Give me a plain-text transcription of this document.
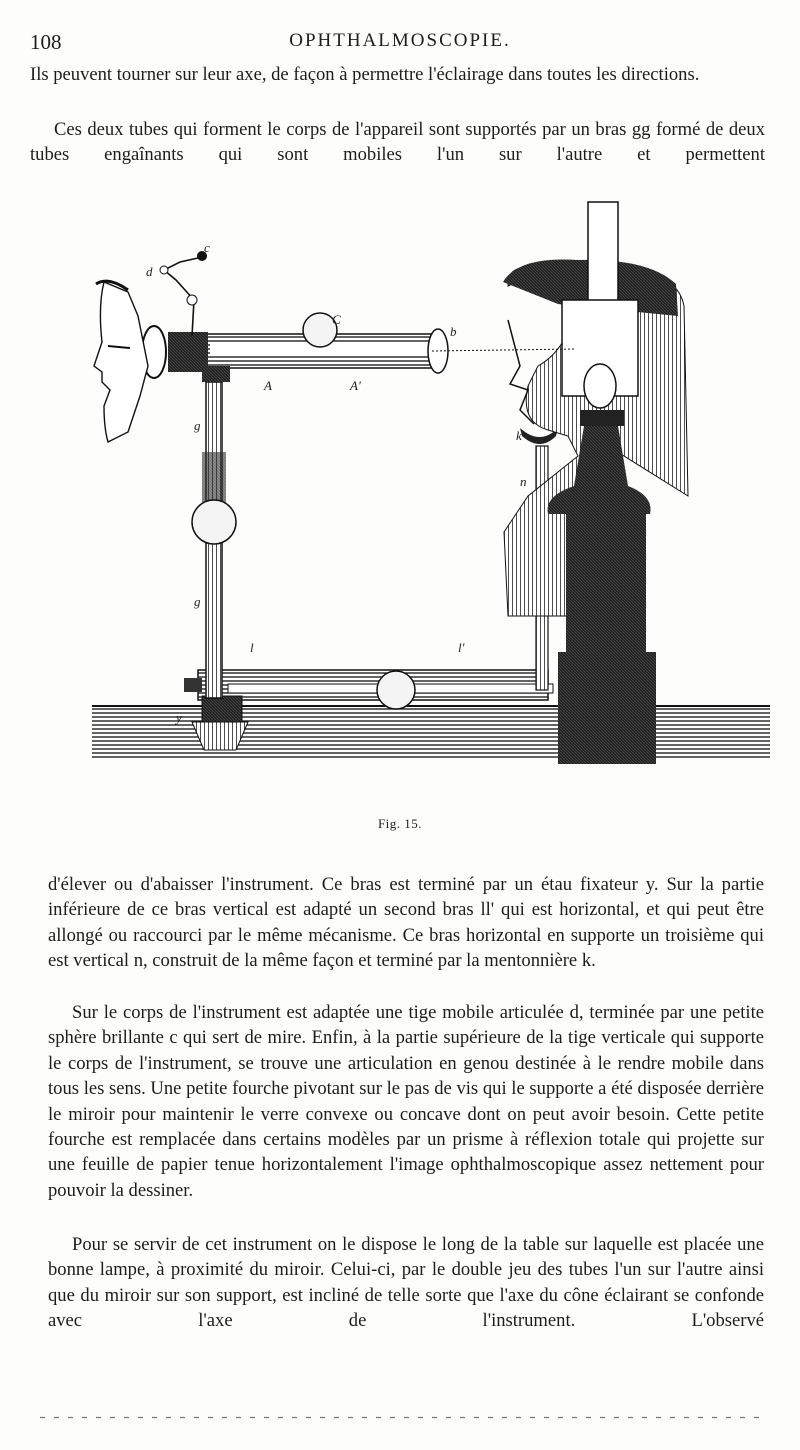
108	OPHTHALMOSCOPIE.

Ils peuvent tourner sur leur axe, de façon à permettre l'éclairage dans toutes les directions.

Ces deux tubes qui forment le corps de l'appareil sont supportés par un bras gg formé de deux tubes engaînants qui sont mobiles l'un sur l'autre et permettent

c
d
C
b
A	A'
g
g
y
l	l'
k
n
Fig. 15.

d'élever ou d'abaisser l'instrument. Ce bras est terminé par un étau fixateur y. Sur la partie inférieure de ce bras vertical est adapté un second bras ll' qui est horizontal, et qui peut être allongé ou raccourci par le même mécanisme. Ce bras horizontal en supporte un troisième qui est vertical n, construit de la même façon et terminé par la mentonnière k.

Sur le corps de l'instrument est adaptée une tige mobile articulée d, terminée par une petite sphère brillante c qui sert de mire. Enfin, à la partie supérieure de la tige verticale qui supporte le corps de l'instrument, se trouve une articulation en genou destinée à le rendre mobile dans tous les sens. Une petite fourche pivotant sur le pas de vis qui le supporte a été disposée derrière le miroir pour maintenir le verre convexe ou concave dont on peut avoir besoin. Cette petite fourche est remplacée dans certains modèles par un prisme à réflexion totale qui projette sur une feuille de papier tenue horizontalement l'image ophthalmoscopique assez nettement pour pouvoir la dessiner.

Pour se servir de cet instrument on le dispose le long de la table sur laquelle est placée une bonne lampe, à proximité du miroir. Celui-ci, par le double jeu des tubes l'un sur l'autre ainsi que du miroir sur son support, est incliné de telle sorte que l'axe du cône éclairant se confonde avec l'axe de l'instrument. L'observé
